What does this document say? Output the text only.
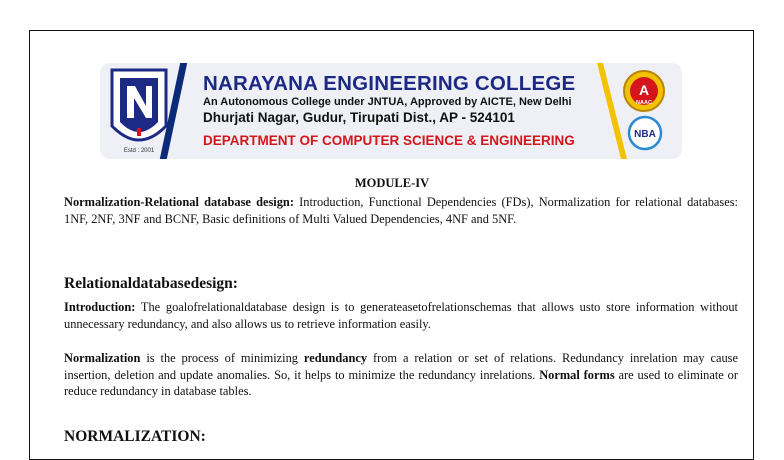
Estd : 2001
NARAYANA ENGINEERING COLLEGE
An Autonomous College under JNTUA, Approved by AICTE, New Delhi
Dhurjati Nagar, Gudur, Tirupati Dist., AP - 524101
DEPARTMENT OF COMPUTER SCIENCE & ENGINEERING
A
NAAC
NBA
MODULE-IV

Normalization-Relational database design: Introduction, Functional Dependencies (FDs), Normalization for relational databases: 1NF, 2NF, 3NF and BCNF, Basic definitions of Multi Valued Dependencies, 4NF and 5NF.

Relationaldatabasedesign:

Introduction: The goalofrelationaldatabase design is to generateasetofrelationschemas that allows usto store information without unnecessary redundancy, and also allows us to retrieve information easily.

Normalization is the process of minimizing redundancy from a relation or set of relations. Redundancy inrelation may cause insertion, deletion and update anomalies. So, it helps to minimize the redundancy inrelations. Normal forms are used to eliminate or reduce redundancy in database tables.

NORMALIZATION:
